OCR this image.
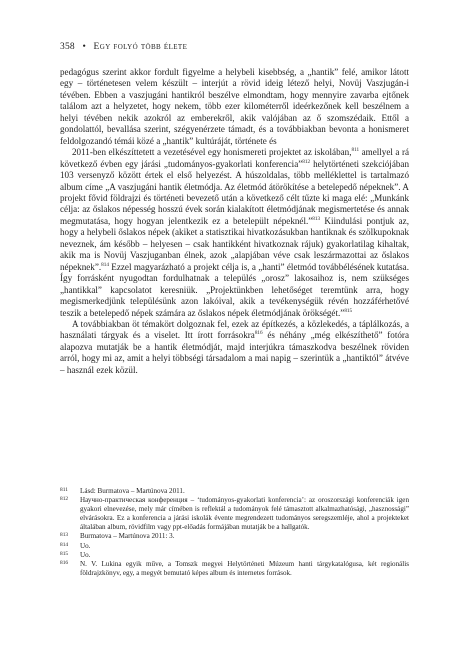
358 • Egy folyó több élete

pedagógus szerint akkor fordult figyelme a helybeli kisebbség, a „hantik” felé, amikor látott egy – történetesen velem készült – interjút a rövid ideig létező helyi, Novüj Vaszjugán-i tévében. Ebben a vaszjugáni hantikról beszélve elmondtam, hogy mennyire zavarba ejtőnek találom azt a helyzetet, hogy nekem, több ezer kilométerről ideérkezőnek kell beszélnem a helyi tévében nekik azokról az emberekről, akik valójában az ő szomszédaik. Ettől a gondolattól, bevallása szerint, szégyenérzete támadt, és a továbbiakban bevonta a honismeret feldolgozandó témái közé a „hantik” kultúráját, története és

2011-ben elkészíttetett a vezetésével egy honismereti projektet az iskolában,$^{811}$ amellyel a rá következő évben egy járási „tudományos-gyakorlati konferencia”$^{812}$ helytörténeti szekciójában 103 versenyző között értek el első helyezést. A húszoldalas, több melléklettel is tartalmazó album címe „A vaszjugáni hantik életmódja. Az életmód átörökítése a betelepedő népeknek”. A projekt fővid földrajzi és történeti bevezető után a következő célt tűzte ki maga elé: „Munkánk célja: az őslakos népesség hosszú évek során kialakított életmódjának megismertetése és annak megmutatása, hogy hogyan jelentkezik ez a betelepült népeknél.”$^{813}$ Kiindulási pontjuk az, hogy a helybeli őslakos népek (akiket a statisztikai hivatkozásukban hantiknak és szölkupoknak neveznek, ám később – helyesen – csak hantikként hivatkoznak rájuk) gyakorlatilag kihaltak, akik ma is Novüj Vaszjuganban élnek, azok „alapjában véve csak leszármazottai az őslakos népeknek”.$^{814}$ Ezzel magyarázható a projekt célja is, a „hanti” életmód továbbélésének kutatása. Így forrásként nyugodtan fordulhatnak a település „orosz” lakosaihoz is, nem szükséges „hantikkal” kapcsolatot keresniük. „Projektünkben lehetőséget teremtünk arra, hogy megismerkedjünk településünk azon lakóival, akik a tevékenységük révén hozzáférhetővé teszik a betelepedő népek számára az őslakos népek életmódjának örökségét.”$^{815}$

A továbbiakban öt témakört dolgoznak fel, ezek az építkezés, a közlekedés, a táplálkozás, a használati tárgyak és a viselet. Itt írott forrásokra$^{816}$ és néhány „még elkészíthető” fotóra alapozva mutatják be a hantik életmódját, majd interjúkra támaszkodva beszélnek röviden arról, hogy mi az, amit a helyi többségi társadalom a mai napig – szerintük a „hantiktól” átvéve – használ ezek közül.

811 Lásd: Burmatova – Martúnova 2011.
812 Научно-практическая конференция – ‘tudományos-gyakorlati konferencia’: az oroszországi konferenciák igen gyakori elnevezése, mely már címében is reflektál a tudományok felé támasztott alkalmazhatósági, „hasznossági” elvárásokra. Ez a konferencia a járási iskolák évente megrendezett tudományos seregszemléje, ahol a projekteket általában album, rövidfilm vagy ppt-előadás formájában mutatják be a hallgatók.
813 Burmatova – Martúnova 2011: 3.
814 Uo.
815 Uo.
816 N. V. Lukina egyik műve, a Tomszk megyei Helytörténeti Múzeum hanti tárgykatalógusa, két regionális földrajzkönyv, egy, a megyét bemutató képes album és internetes források.
